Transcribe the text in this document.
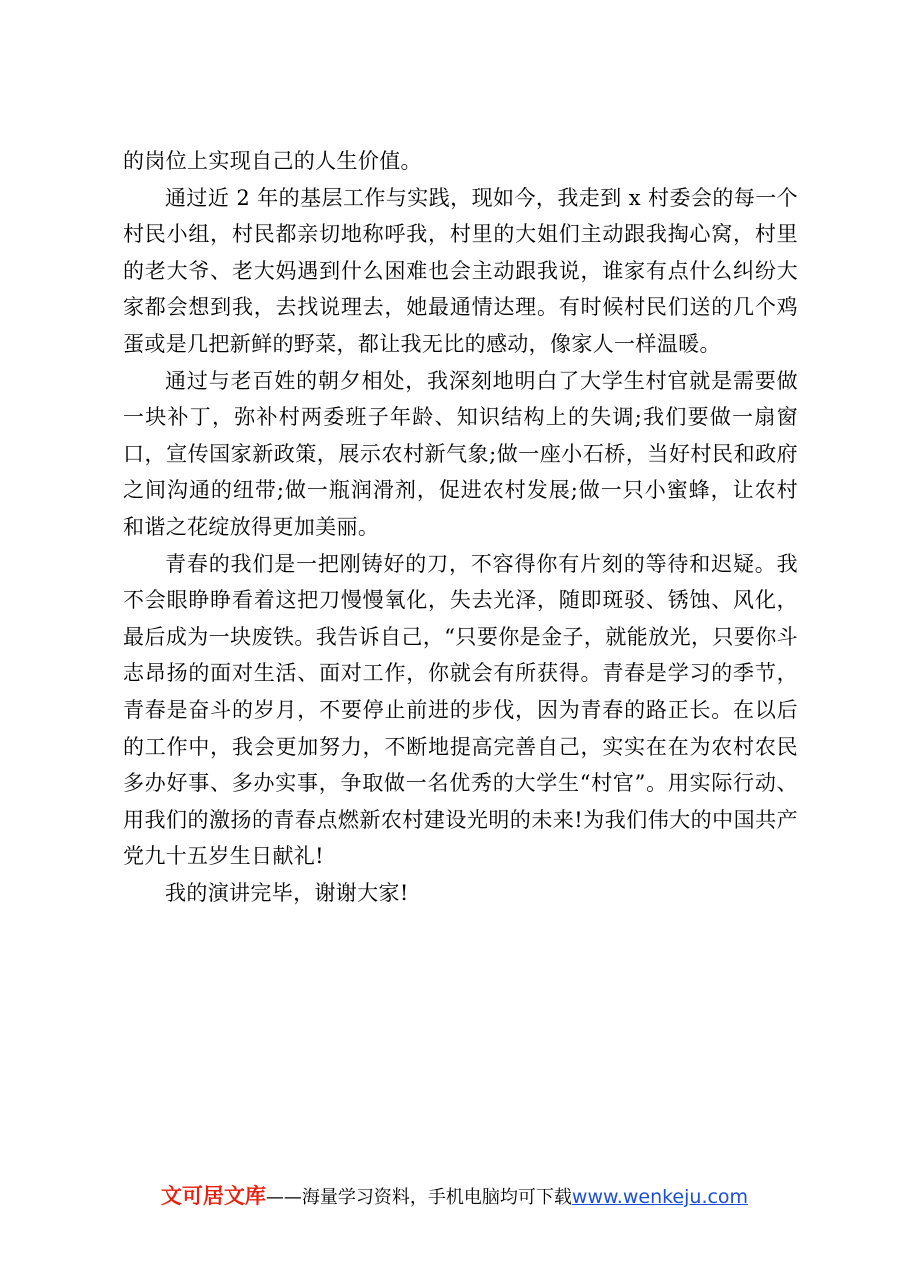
的岗位上实现自己的人生价值。

通过近 2 年的基层工作与实践，现如今，我走到 x 村委会的每一个村民小组，村民都亲切地称呼我，村里的大姐们主动跟我掏心窝，村里的老大爷、老大妈遇到什么困难也会主动跟我说，谁家有点什么纠纷大家都会想到我，去找说理去，她最通情达理。有时候村民们送的几个鸡蛋或是几把新鲜的野菜，都让我无比的感动，像家人一样温暖。

通过与老百姓的朝夕相处，我深刻地明白了大学生村官就是需要做一块补丁，弥补村两委班子年龄、知识结构上的失调;我们要做一扇窗口，宣传国家新政策，展示农村新气象;做一座小石桥，当好村民和政府之间沟通的纽带;做一瓶润滑剂，促进农村发展;做一只小蜜蜂，让农村和谐之花绽放得更加美丽。

青春的我们是一把刚铸好的刀，不容得你有片刻的等待和迟疑。我不会眼睁睁看着这把刀慢慢氧化，失去光泽，随即斑驳、锈蚀、风化，最后成为一块废铁。我告诉自己，“只要你是金子，就能放光，只要你斗志昂扬的面对生活、面对工作，你就会有所获得。青春是学习的季节，青春是奋斗的岁月，不要停止前进的步伐，因为青春的路正长。在以后的工作中，我会更加努力，不断地提高完善自己，实实在在为农村农民多办好事、多办实事，争取做一名优秀的大学生“村官”。用实际行动、用我们的激扬的青春点燃新农村建设光明的未来!为我们伟大的中国共产党九十五岁生日献礼!

我的演讲完毕，谢谢大家!

文可居文库——海量学习资料，手机电脑均可下载www.wenkeju.com
